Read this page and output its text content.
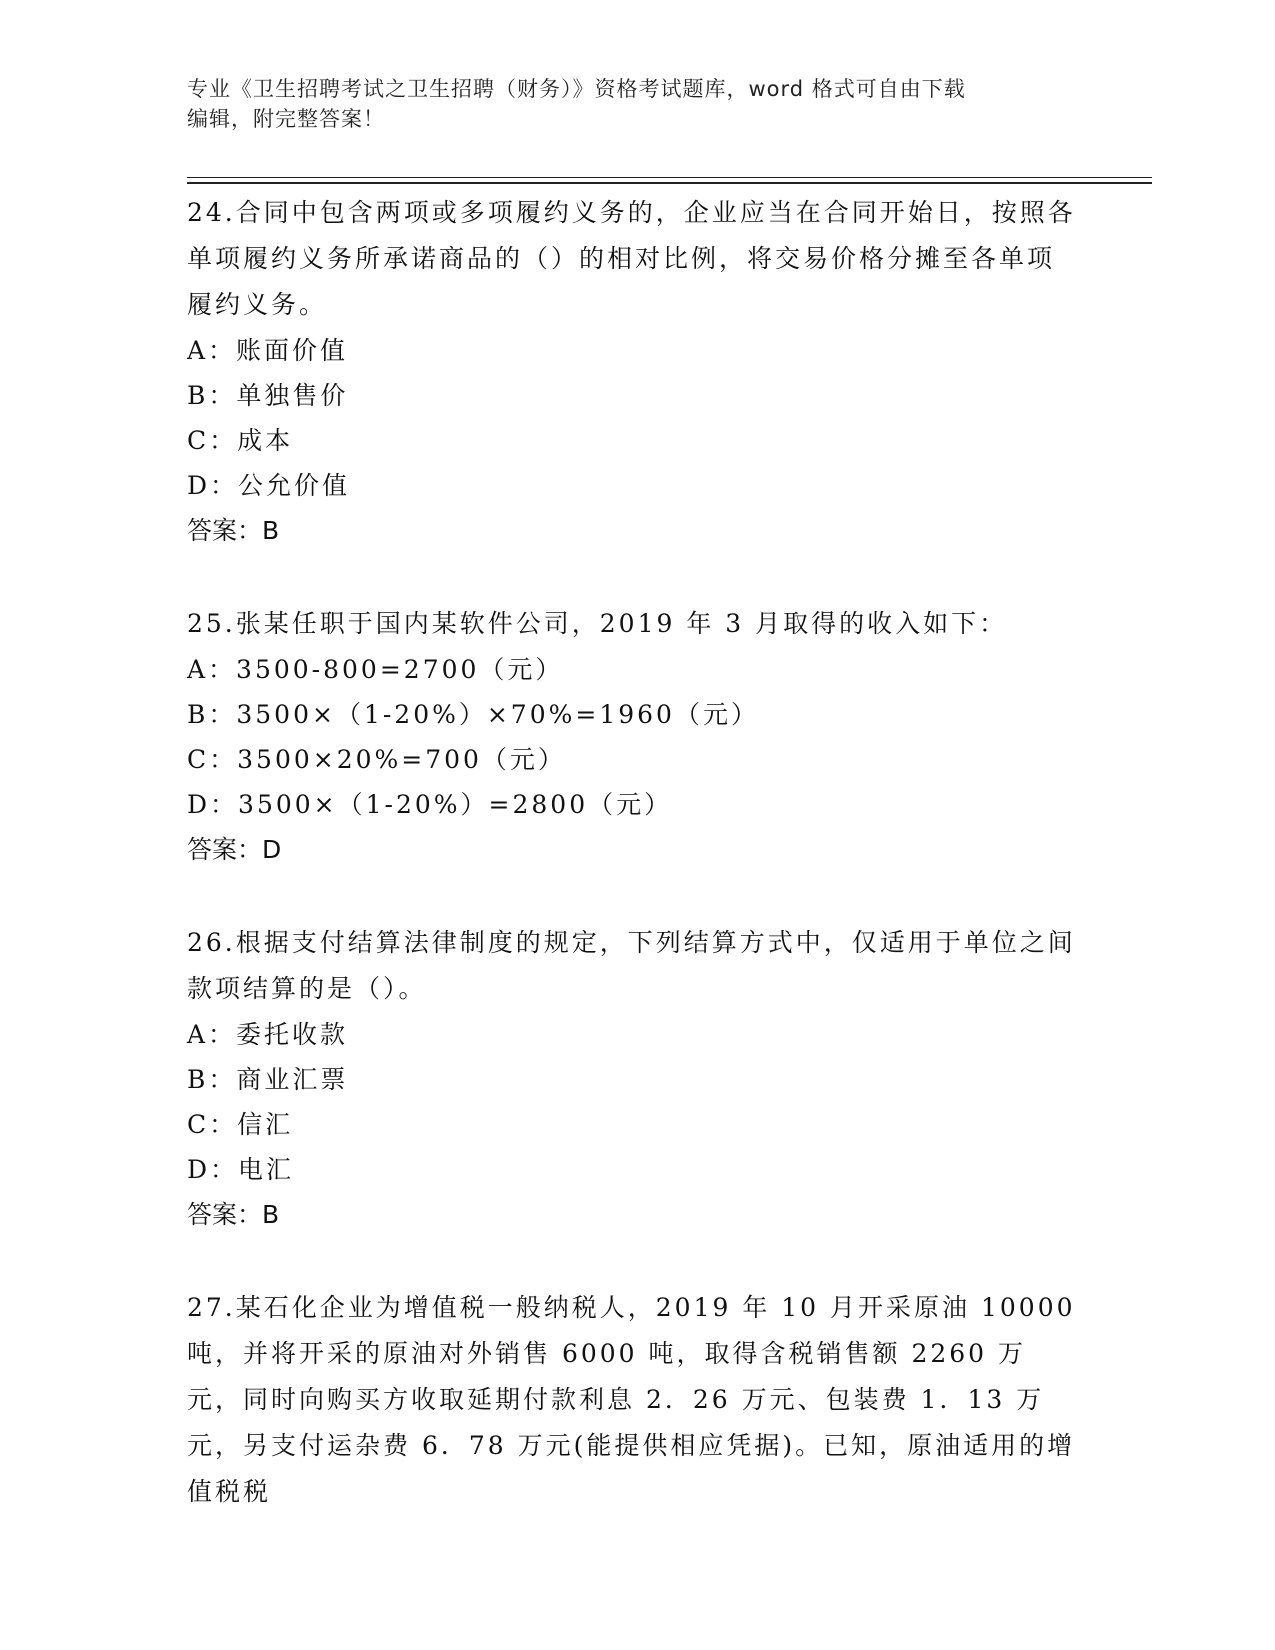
专业《卫生招聘考试之卫生招聘（财务）》资格考试题库，word 格式可自由下载
编辑，附完整答案！
24.合同中包含两项或多项履约义务的，企业应当在合同开始日，按照各单项履约义务所承诺商品的（）的相对比例，将交易价格分摊至各单项履约义务。
A：账面价值
B：单独售价
C：成本
D：公允价值
答案：B
25.张某任职于国内某软件公司，2019 年 3 月取得的收入如下：
A：3500-800=2700（元）
B：3500×（1-20%）×70%=1960（元）
C：3500×20%=700（元）
D：3500×（1-20%）=2800（元）
答案：D
26.根据支付结算法律制度的规定，下列结算方式中，仅适用于单位之间款项结算的是（）。
A：委托收款
B：商业汇票
C：信汇
D：电汇
答案：B
27.某石化企业为增值税一般纳税人，2019 年 10 月开采原油 10000 吨，并将开采的原油对外销售 6000 吨，取得含税销售额 2260 万元，同时向购买方收取延期付款利息 2．26 万元、包装费 1．13 万元，另支付运杂费 6．78 万元(能提供相应凭据)。已知，原油适用的增值税税
